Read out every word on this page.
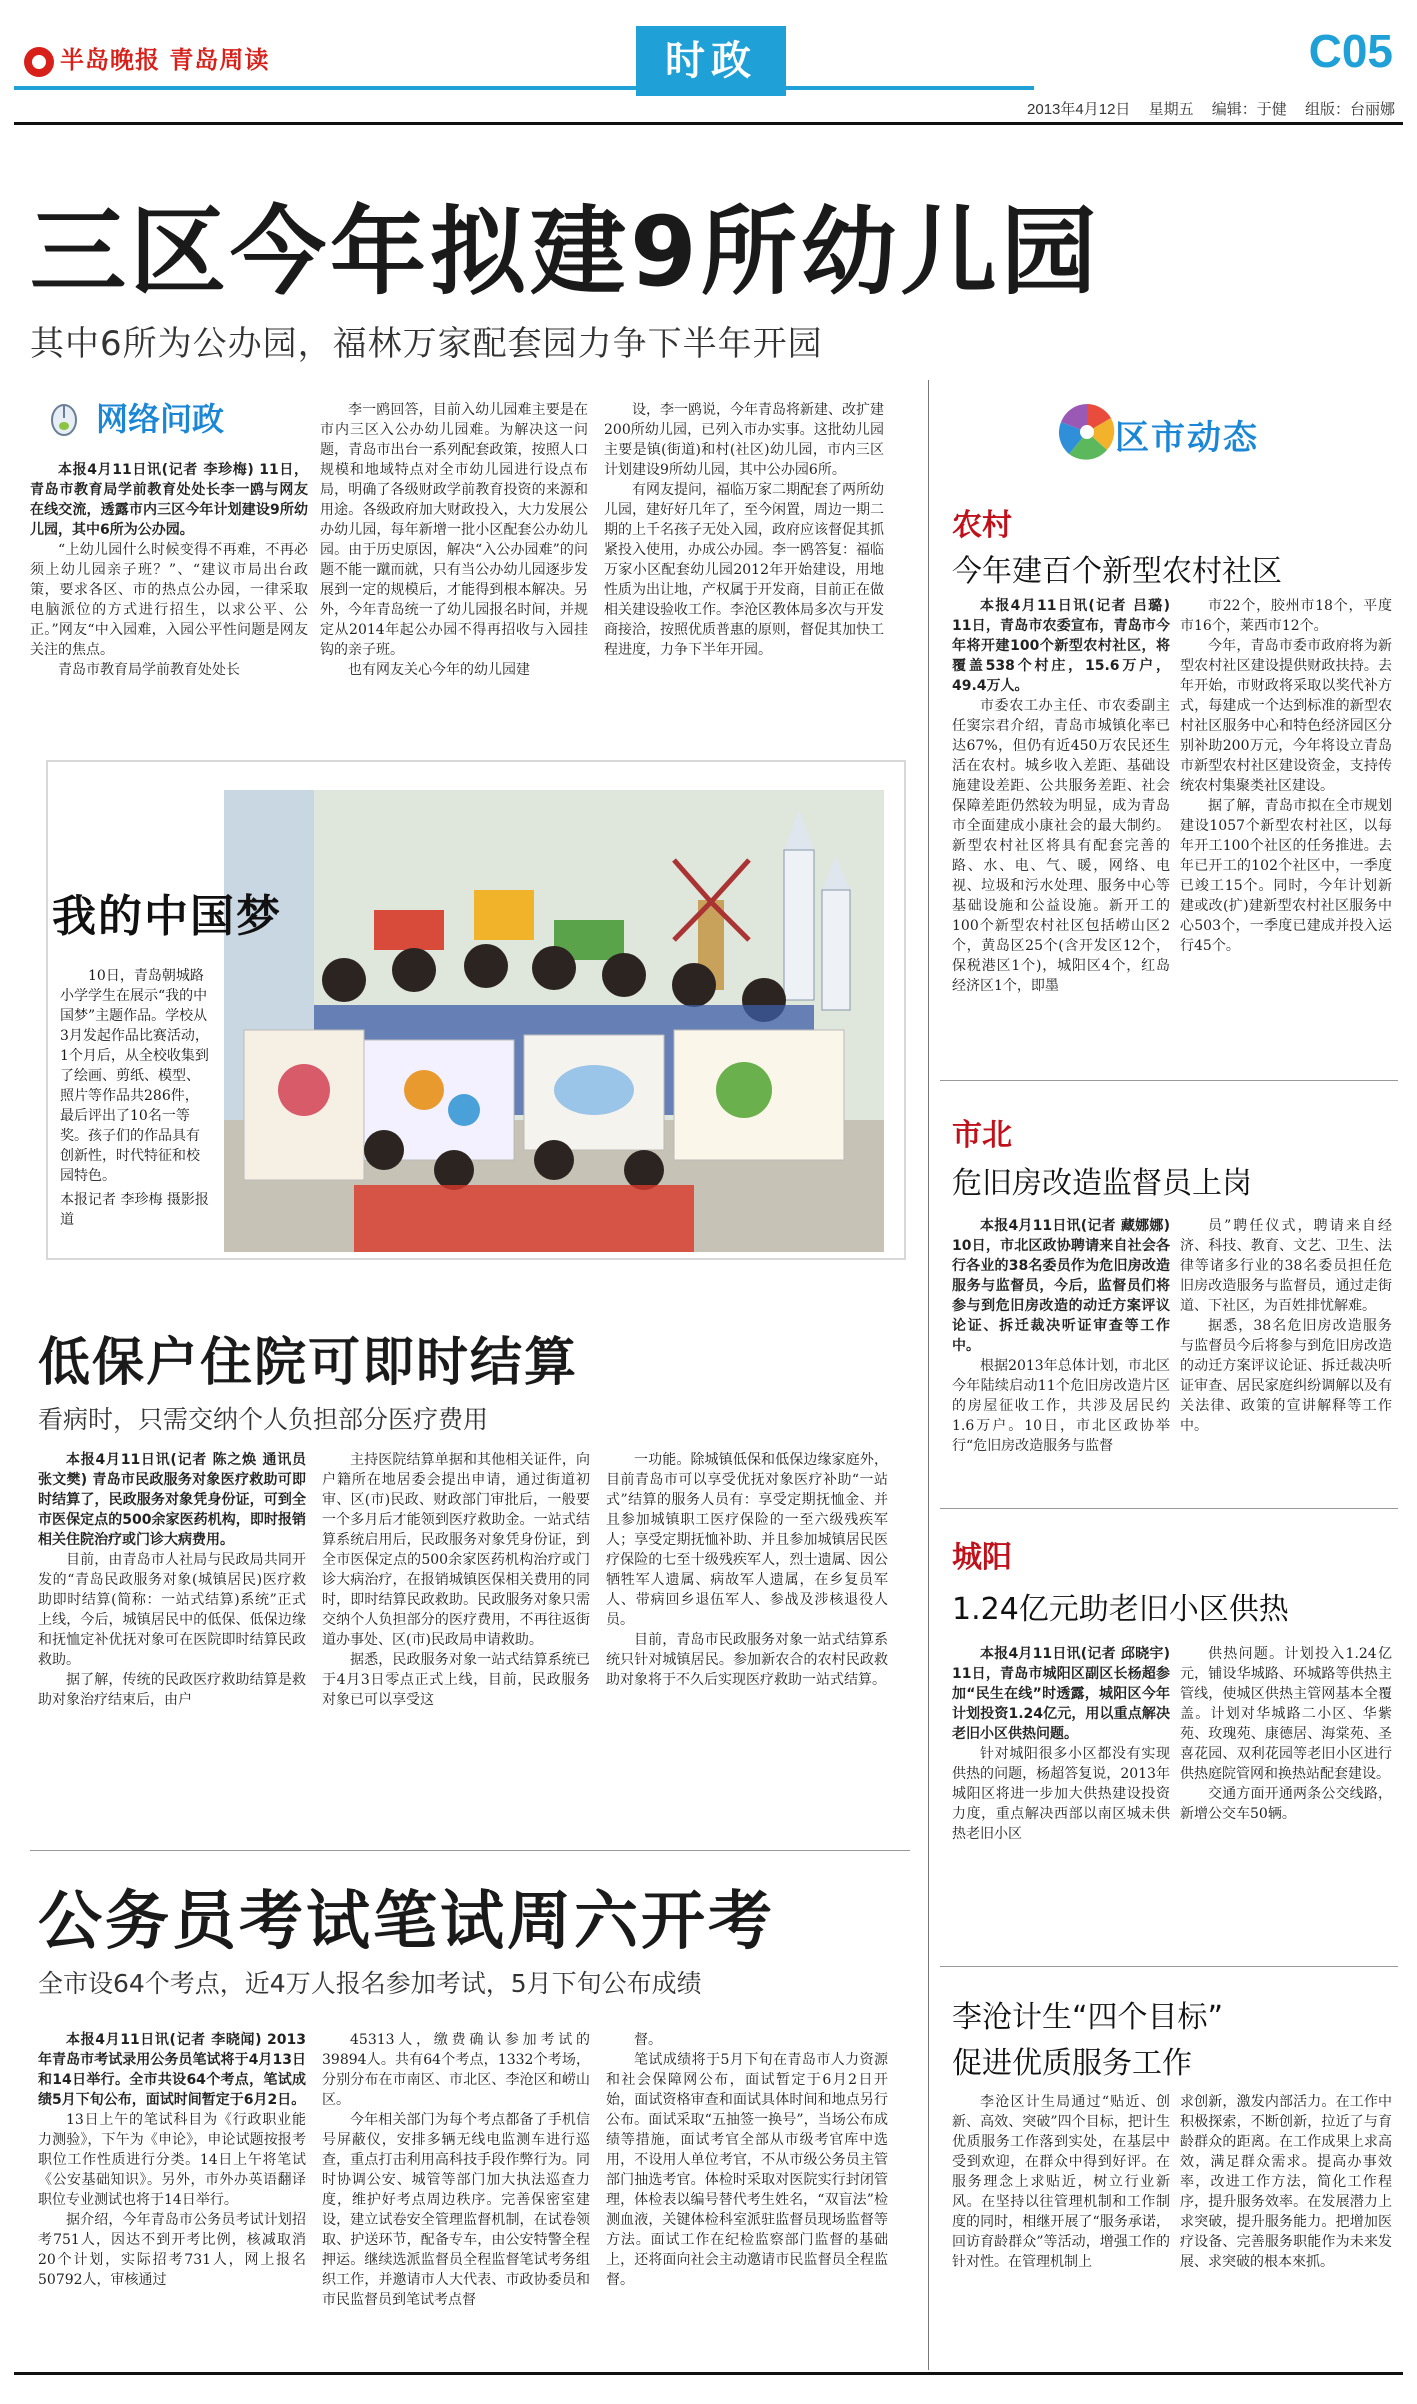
半岛晚报 青岛周读	时政	C05
2013年4月12日 星期五 编辑：于健 组版：台丽娜
三区今年拟建9所幼儿园
其中6所为公办园，福林万家配套园力争下半年开园
网络问政

本报4月11日讯(记者 李珍梅) 11日，青岛市教育局学前教育处处长李一鸥与网友在线交流，透露市内三区今年计划建设9所幼儿园，其中6所为公办园。

“上幼儿园什么时候变得不再难，不再必须上幼儿园亲子班？”、“建议市局出台政策，要求各区、市的热点公办园，一律采取电脑派位的方式进行招生，以求公平、公正。”网友“中入园难，入园公平性问题是网友关注的焦点。

青岛市教育局学前教育处处长

李一鸥回答，目前入幼儿园难主要是在市内三区入公办幼儿园难。为解决这一问题，青岛市出台一系列配套政策，按照人口规模和地域特点对全市幼儿园进行设点布局，明确了各级财政学前教育投资的来源和用途。各级政府加大财政投入，大力发展公办幼儿园，每年新增一批小区配套公办幼儿园。由于历史原因，解决“入公办园难”的问题不能一蹴而就，只有当公办幼儿园逐步发展到一定的规模后，才能得到根本解决。另外，今年青岛统一了幼儿园报名时间，并规定从2014年起公办园不得再招收与入园挂钩的亲子班。

也有网友关心今年的幼儿园建

设，李一鸥说，今年青岛将新建、改扩建200所幼儿园，已列入市办实事。这批幼儿园主要是镇(街道)和村(社区)幼儿园，市内三区计划建设9所幼儿园，其中公办园6所。

有网友提问，福临万家二期配套了两所幼儿园，建好好几年了，至今闲置，周边一期二期的上千名孩子无处入园，政府应该督促其抓紧投入使用，办成公办园。李一鸥答复：福临万家小区配套幼儿园2012年开始建设，用地性质为出让地，产权属于开发商，目前正在做相关建设验收工作。李沧区教体局多次与开发商接洽，按照优质普惠的原则，督促其加快工程进度，力争下半年开园。

我的中国梦

10日，青岛朝城路小学学生在展示“我的中国梦”主题作品。学校从3月发起作品比赛活动，1个月后，从全校收集到了绘画、剪纸、模型、照片等作品共286件，最后评出了10名一等奖。孩子们的作品具有创新性，时代特征和校园特色。

本报记者 李珍梅 摄影报道

低保户住院可即时结算
看病时，只需交纳个人负担部分医疗费用

本报4月11日讯(记者 陈之焕 通讯员 张文樊) 青岛市民政服务对象医疗救助可即时结算了，民政服务对象凭身份证，可到全市医保定点的500余家医药机构，即时报销相关住院治疗或门诊大病费用。

目前，由青岛市人社局与民政局共同开发的“青岛民政服务对象(城镇居民)医疗救助即时结算(简称：一站式结算)系统”正式上线，今后，城镇居民中的低保、低保边缘和抚恤定补优抚对象可在医院即时结算民政救助。

据了解，传统的民政医疗救助结算是救助对象治疗结束后，由户

主持医院结算单据和其他相关证件，向户籍所在地居委会提出申请，通过街道初审、区(市)民政、财政部门审批后，一般要一个多月后才能领到医疗救助金。一站式结算系统启用后，民政服务对象凭身份证，到全市医保定点的500余家医药机构治疗或门诊大病治疗，在报销城镇医保相关费用的同时，即时结算民政救助。民政服务对象只需交纳个人负担部分的医疗费用，不再往返街道办事处、区(市)民政局申请救助。

据悉，民政服务对象一站式结算系统已于4月3日零点正式上线，目前，民政服务对象已可以享受这

一功能。除城镇低保和低保边缘家庭外，目前青岛市可以享受优抚对象医疗补助“一站式”结算的服务人员有：享受定期抚恤金、并且参加城镇职工医疗保险的一至六级残疾军人；享受定期抚恤补助、并且参加城镇居民医疗保险的七至十级残疾军人，烈士遗属、因公牺牲军人遗属、病故军人遗属，在乡复员军人、带病回乡退伍军人、参战及涉核退役人员。

目前，青岛市民政服务对象一站式结算系统只针对城镇居民。参加新农合的农村民政救助对象将于不久后实现医疗救助一站式结算。

公务员考试笔试周六开考
全市设64个考点，近4万人报名参加考试，5月下旬公布成绩

本报4月11日讯(记者 李晓闻) 2013年青岛市考试录用公务员笔试将于4月13日和14日举行。全市共设64个考点，笔试成绩5月下旬公布，面试时间暂定于6月2日。

13日上午的笔试科目为《行政职业能力测验》，下午为《申论》，申论试题按报考职位工作性质进行分类。14日上午将笔试《公安基础知识》。另外，市外办英语翻译职位专业测试也将于14日举行。

据介绍，今年青岛市公务员考试计划招考751人，因达不到开考比例，核减取消20个计划，实际招考731人，网上报名50792人，审核通过

45313人，缴费确认参加考试的39894人。共有64个考点，1332个考场，分别分布在市南区、市北区、李沧区和崂山区。

今年相关部门为每个考点都备了手机信号屏蔽仪，安排多辆无线电监测车进行巡查，重点打击利用高科技手段作弊行为。同时协调公安、城管等部门加大执法巡查力度，维护好考点周边秩序。完善保密室建设，建立试卷安全管理监督机制，在试卷领取、护送环节，配备专车，由公安特警全程押运。继续选派监督员全程监督笔试考务组织工作，并邀请市人大代表、市政协委员和市民监督员到笔试考点督

督。

笔试成绩将于5月下旬在青岛市人力资源和社会保障网公布，面试暂定于6月2日开始，面试资格审查和面试具体时间和地点另行公布。面试采取“五抽签一换号”，当场公布成绩等措施，面试考官全部从市级考官库中选用，不设用人单位考官，不从市级公务员主管部门抽选考官。体检时采取对医院实行封闭管理，体检表以编号替代考生姓名，“双盲法”检测血液，关键体检科室派驻监督员现场监督等方法。面试工作在纪检监察部门监督的基础上，还将面向社会主动邀请市民监督员全程监督。

区市动态
农村
今年建百个新型农村社区

本报4月11日讯(记者 吕璐) 11日，青岛市农委宣布，青岛市今年将开建100个新型农村社区，将覆盖538个村庄，15.6万户，49.4万人。

市委农工办主任、市农委副主任窦宗君介绍，青岛市城镇化率已达67%，但仍有近450万农民还生活在农村。城乡收入差距、基础设施建设差距、公共服务差距、社会保障差距仍然较为明显，成为青岛市全面建成小康社会的最大制约。新型农村社区将具有配套完善的路、水、电、气、暖，网络、电视、垃圾和污水处理、服务中心等基础设施和公益设施。新开工的100个新型农村社区包括崂山区2个，黄岛区25个(含开发区12个，保税港区1个)，城阳区4个，红岛经济区1个，即墨

市22个，胶州市18个，平度市16个，莱西市12个。

今年，青岛市委市政府将为新型农村社区建设提供财政扶持。去年开始，市财政将采取以奖代补方式，每建成一个达到标准的新型农村社区服务中心和特色经济园区分别补助200万元，今年将设立青岛市新型农村社区建设资金，支持传统农村集聚类社区建设。

据了解，青岛市拟在全市规划建设1057个新型农村社区，以每年开工100个社区的任务推进。去年已开工的102个社区中，一季度已竣工15个。同时，今年计划新建或改(扩)建新型农村社区服务中心503个，一季度已建成并投入运行45个。

市北
危旧房改造监督员上岗

本报4月11日讯(记者 藏娜娜) 10日，市北区政协聘请来自社会各行各业的38名委员作为危旧房改造服务与监督员，今后，监督员们将参与到危旧房改造的动迁方案评议论证、拆迁裁决听证审查等工作中。

根据2013年总体计划，市北区今年陆续启动11个危旧房改造片区的房屋征收工作，共涉及居民约1.6万户。10日，市北区政协举行“危旧房改造服务与监督

员”聘任仪式，聘请来自经济、科技、教育、文艺、卫生、法律等诸多行业的38名委员担任危旧房改造服务与监督员，通过走街道、下社区，为百姓排忧解难。

据悉，38名危旧房改造服务与监督员今后将参与到危旧房改造的动迁方案评议论证、拆迁裁决听证审查、居民家庭纠纷调解以及有关法律、政策的宣讲解释等工作中。

城阳
1.24亿元助老旧小区供热

本报4月11日讯(记者 邱晓宇) 11日，青岛市城阳区副区长杨超参加“民生在线”时透露，城阳区今年计划投资1.24亿元，用以重点解决老旧小区供热问题。

针对城阳很多小区都没有实现供热的问题，杨超答复说，2013年城阳区将进一步加大供热建设投资力度，重点解决西部以南区城未供热老旧小区

供热问题。计划投入1.24亿元，铺设华城路、环城路等供热主管线，使城区供热主管网基本全覆盖。计划对华城路二小区、华紫苑、玫瑰苑、康德居、海棠苑、圣喜花园、双利花园等老旧小区进行供热庭院管网和换热站配套建设。

交通方面开通两条公交线路，新增公交车50辆。

李沧计生“四个目标”
促进优质服务工作

李沧区计生局通过“贴近、创新、高效、突破”四个目标，把计生优质服务工作落到实处，在基层中受到欢迎，在群众中得到好评。在服务理念上求贴近，树立行业新风。在坚持以往管理机制和工作制度的同时，相继开展了“服务承诺，回访育龄群众”等活动，增强工作的针对性。在管理机制上

求创新，激发内部活力。在工作中积极探索，不断创新，拉近了与育龄群众的距离。在工作成果上求高效，满足群众需求。提高办事效率，改进工作方法，简化工作程序，提升服务效率。在发展潜力上求突破，提升服务能力。把增加医疗设备、完善服务职能作为未来发展、求突破的根本來抓。
